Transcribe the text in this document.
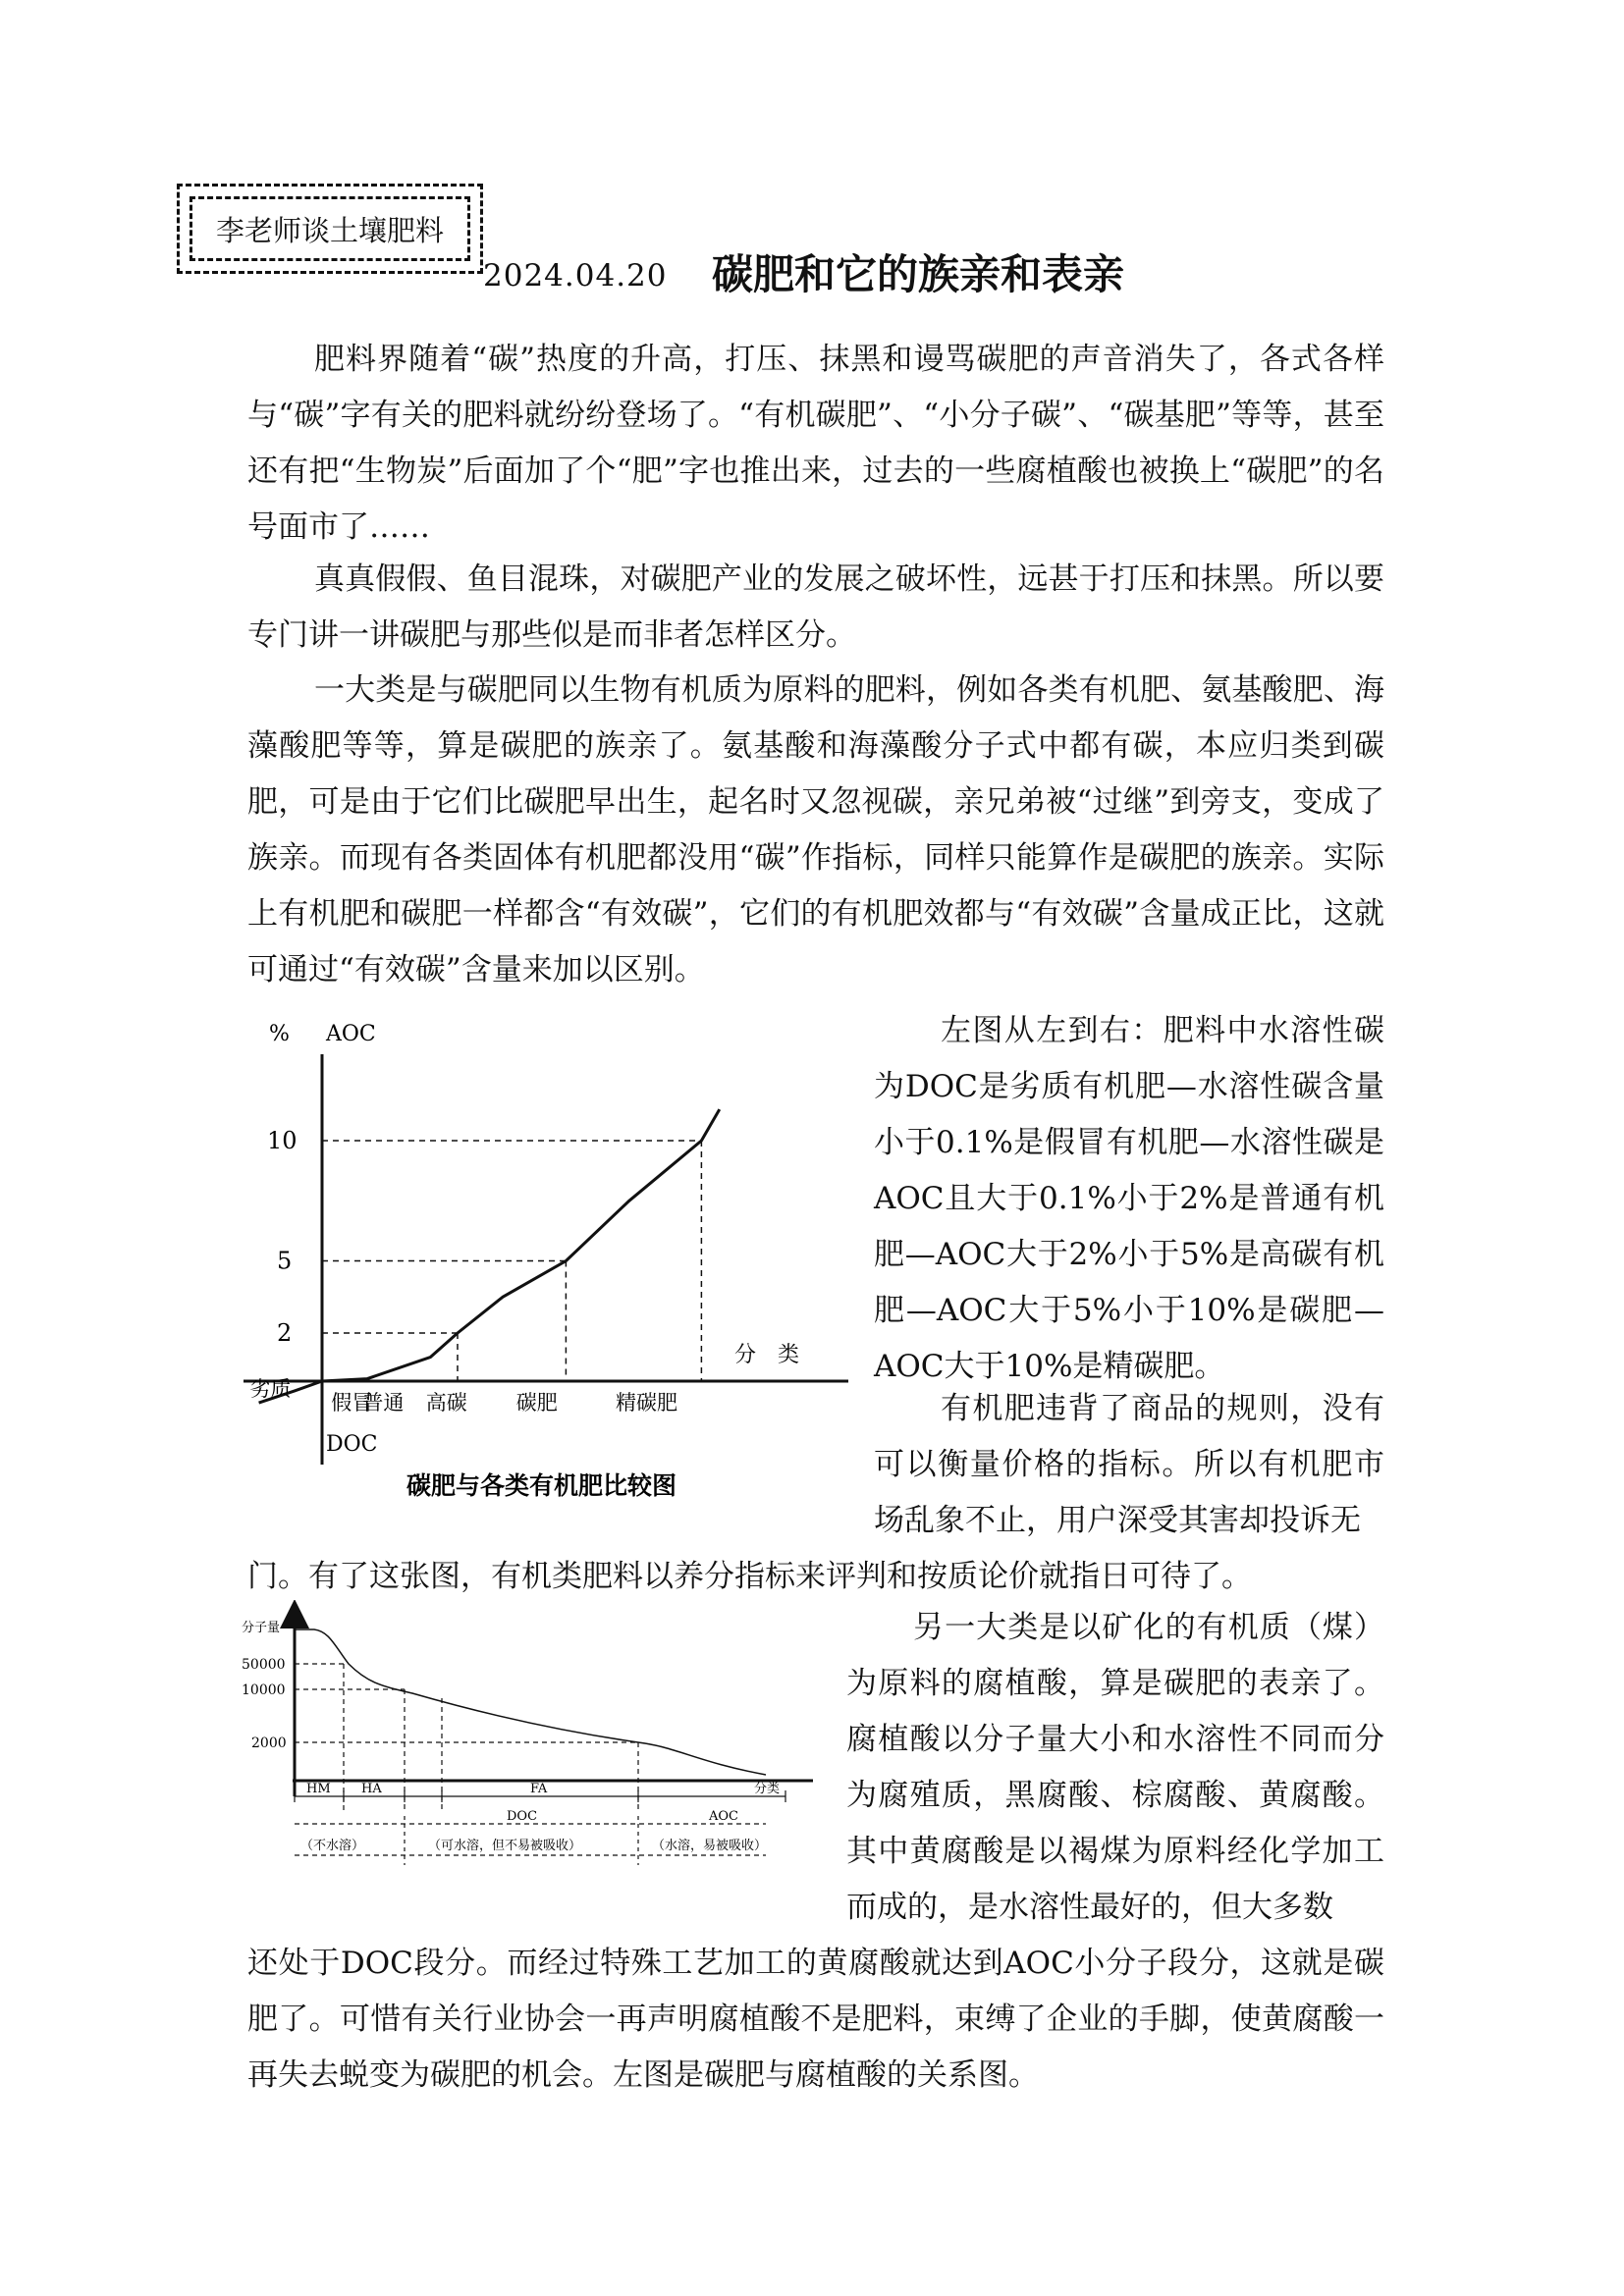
李老师谈土壤肥料
2024.04.20 碳肥和它的族亲和表亲

肥料界随着“碳”热度的升高，打压、抹黑和谩骂碳肥的声音消失了，各式各样与“碳”字有关的肥料就纷纷登场了。“有机碳肥”、“小分子碳”、“碳基肥”等等，甚至还有把“生物炭”后面加了个“肥”字也推出来，过去的一些腐植酸也被换上“碳肥”的名号面市了……

真真假假、鱼目混珠，对碳肥产业的发展之破坏性，远甚于打压和抹黑。所以要专门讲一讲碳肥与那些似是而非者怎样区分。

一大类是与碳肥同以生物有机质为原料的肥料，例如各类有机肥、氨基酸肥、海藻酸肥等等，算是碳肥的族亲了。氨基酸和海藻酸分子式中都有碳，本应归类到碳肥，可是由于它们比碳肥早出生，起名时又忽视碳，亲兄弟被“过继”到旁支，变成了族亲。而现有各类固体有机肥都没用“碳”作指标，同样只能算作是碳肥的族亲。实际上有机肥和碳肥一样都含“有效碳”，它们的有机肥效都与“有效碳”含量成正比，这就可通过“有效碳”含量来加以区别。

% AOC
2
5
10
分　类
劣质
假冒
普通 高碳 碳肥	精碳肥
DOC
碳肥与各类有机肥比较图

左图从左到右：肥料中水溶性碳为DOC是劣质有机肥—水溶性碳含量小于0.1%是假冒有机肥—水溶性碳是AOC且大于0.1%小于2%是普通有机肥—AOC大于2%小于5%是高碳有机肥—AOC大于5%小于10%是碳肥—AOC大于10%是精碳肥。

有机肥违背了商品的规则，没有可以衡量价格的指标。所以有机肥市场乱象不止，用户深受其害却投诉无

门。有了这张图，有机类肥料以养分指标来评判和按质论价就指日可待了。

分子量
50000
10000
2000
HM HA	FA	分类
DOC	AOC
（不水溶）	（可水溶，但不易被吸收）	（水溶，易被吸收）

另一大类是以矿化的有机质（煤）为原料的腐植酸，算是碳肥的表亲了。腐植酸以分子量大小和水溶性不同而分为腐殖质，黑腐酸、棕腐酸、黄腐酸。其中黄腐酸是以褐煤为原料经化学加工而成的，是水溶性最好的，但大多数

还处于DOC段分。而经过特殊工艺加工的黄腐酸就达到AOC小分子段分，这就是碳肥了。可惜有关行业协会一再声明腐植酸不是肥料，束缚了企业的手脚，使黄腐酸一再失去蜕变为碳肥的机会。左图是碳肥与腐植酸的关系图。
